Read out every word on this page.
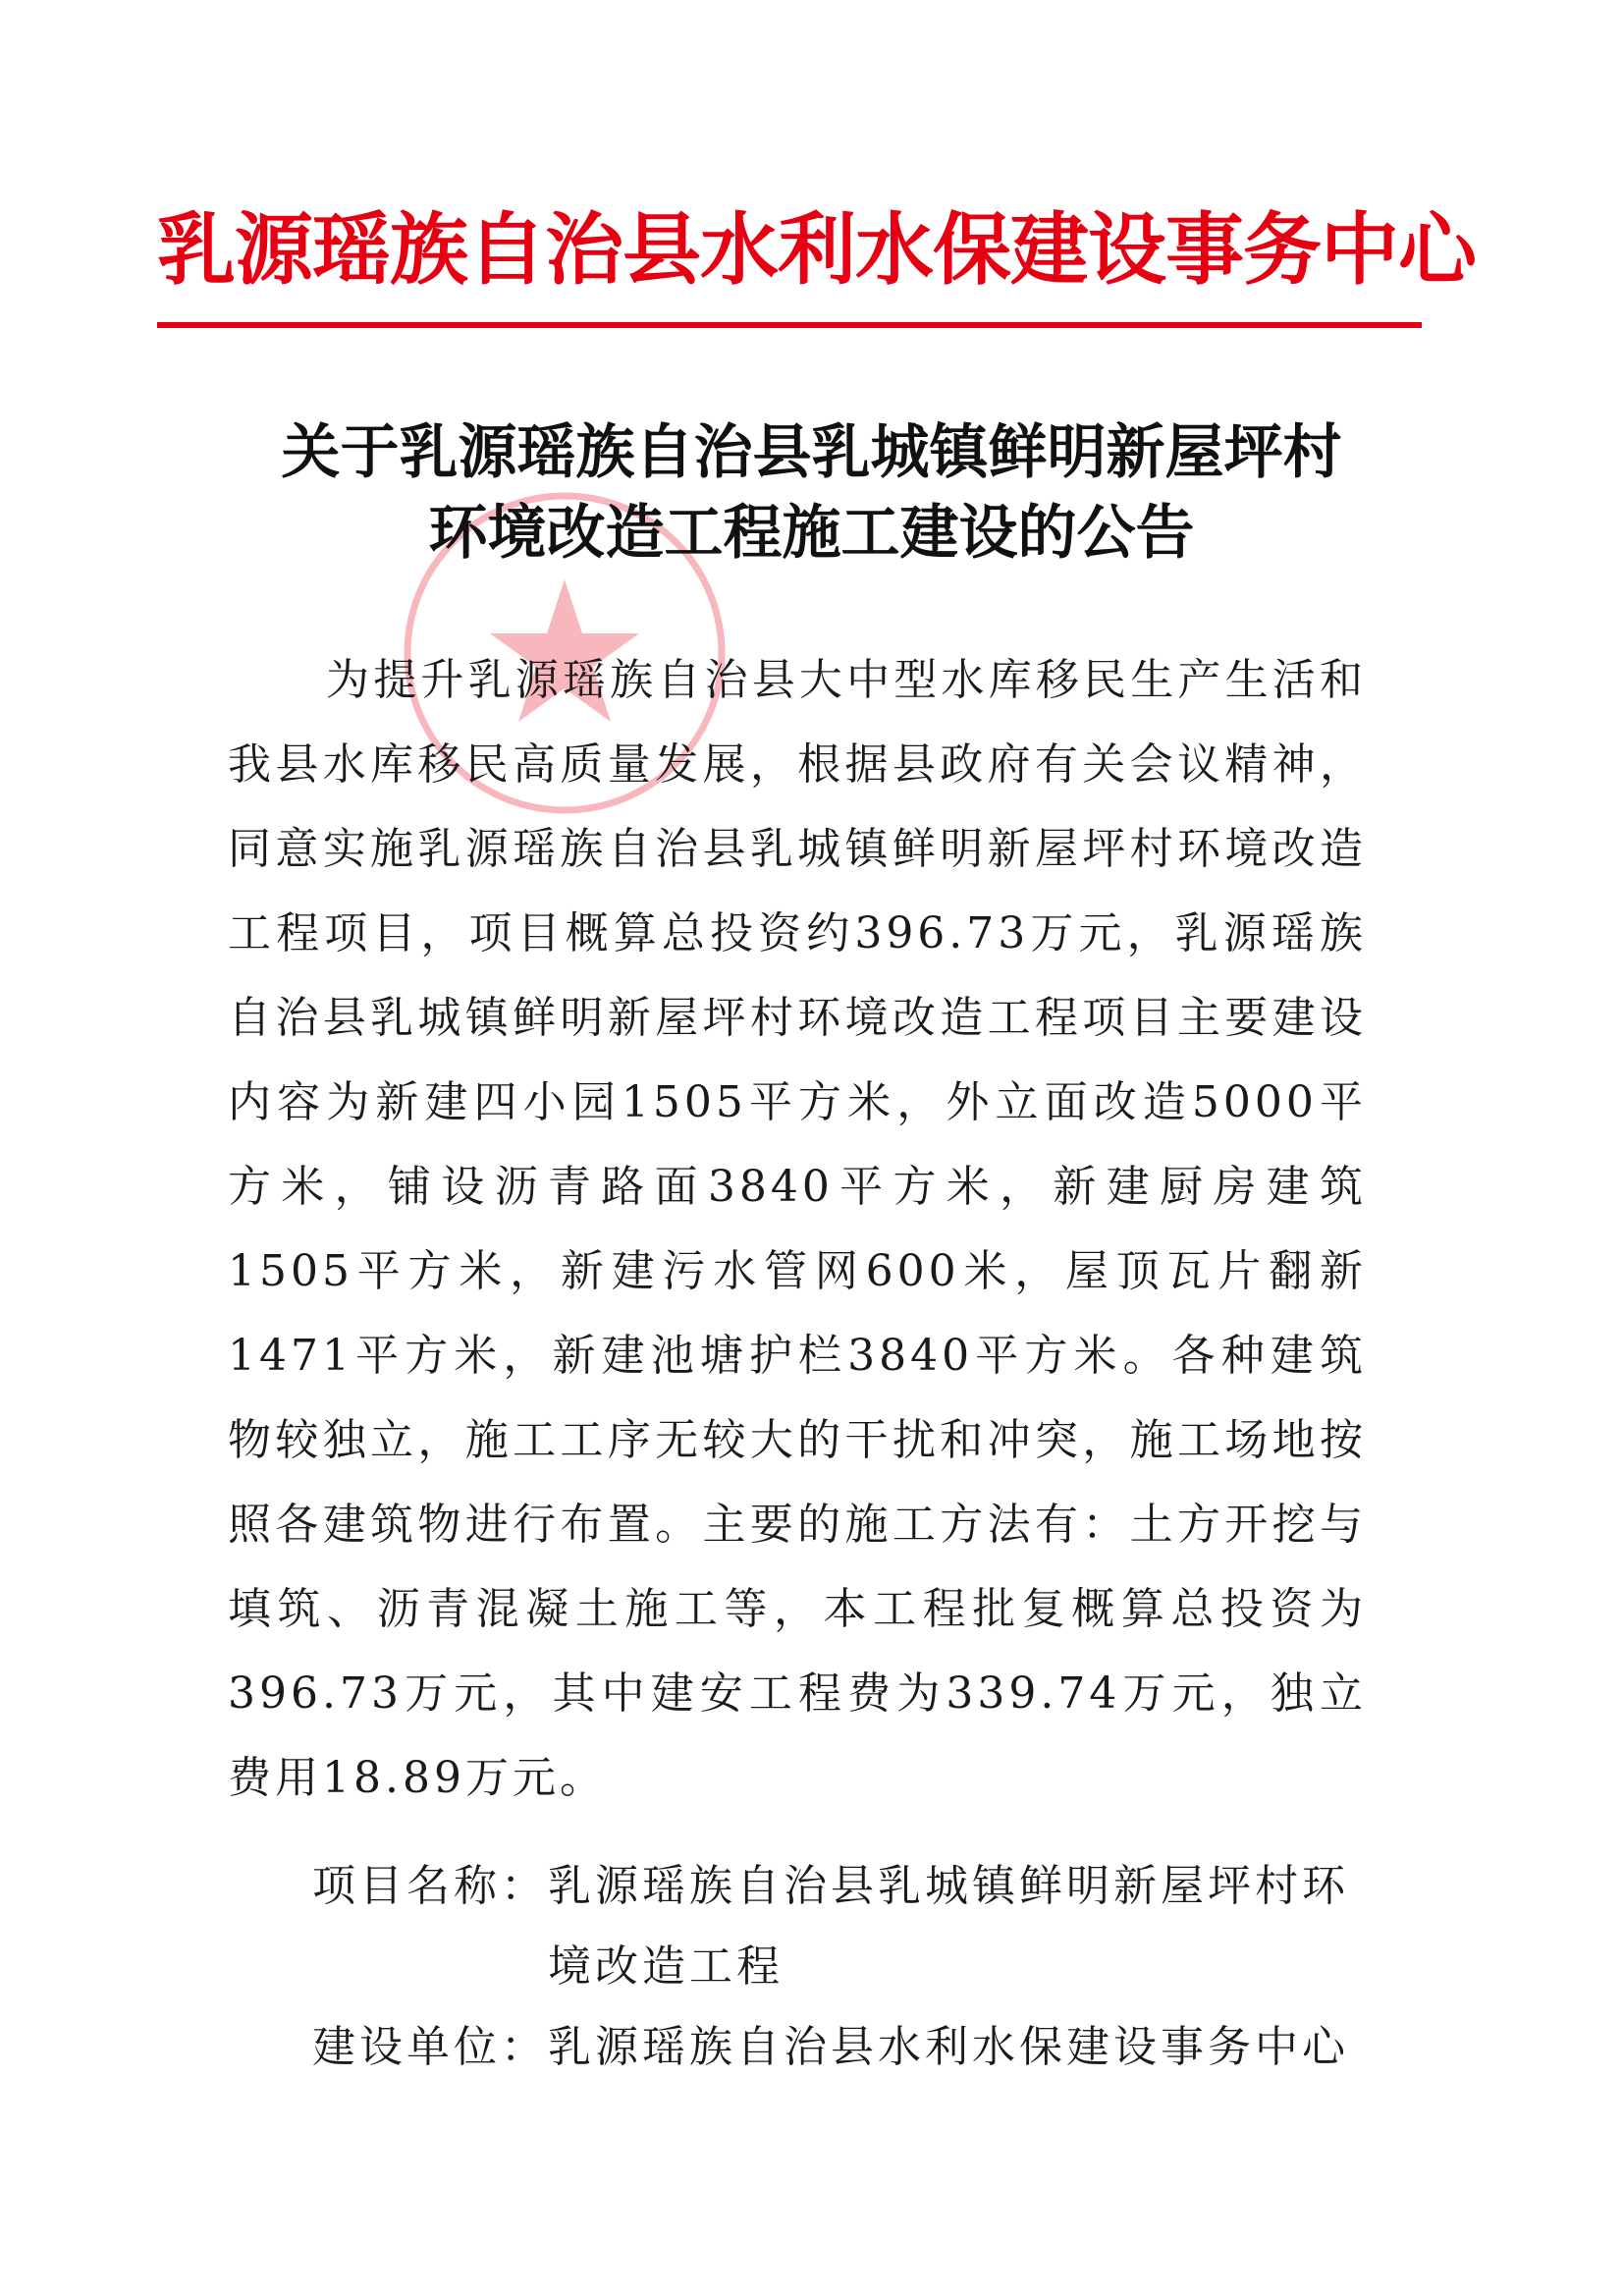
乳源瑶族自治县水利水保建设事务中心
关于乳源瑶族自治县乳城镇鲜明新屋坪村
环境改造工程施工建设的公告
为提升乳源瑶族自治县大中型水库移民生产生活和我县水库移民高质量发展，根据县政府有关会议精神，同意实施乳源瑶族自治县乳城镇鲜明新屋坪村环境改造工程项目，项目概算总投资约396.73万元，乳源瑶族自治县乳城镇鲜明新屋坪村环境改造工程项目主要建设内容为新建四小园1505平方米，外立面改造5000平方米，铺设沥青路面3840平方米，新建厨房建筑1505平方米，新建污水管网600米，屋顶瓦片翻新1471平方米，新建池塘护栏3840平方米。各种建筑物较独立，施工工序无较大的干扰和冲突，施工场地按照各建筑物进行布置。主要的施工方法有：土方开挖与填筑、沥青混凝土施工等，本工程批复概算总投资为396.73万元，其中建安工程费为339.74万元，独立费用18.89万元。
项目名称： 乳源瑶族自治县乳城镇鲜明新屋坪村环境改造工程
建设单位： 乳源瑶族自治县水利水保建设事务中心
